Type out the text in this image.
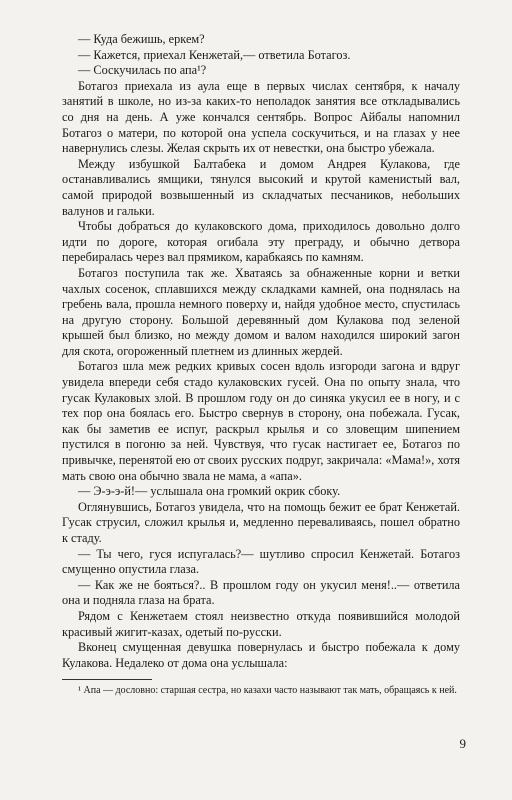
— Куда бежишь, еркем?

— Кажется, приехал Кенжетай,— ответила Ботагоз.

— Соскучилась по апа¹?

Ботагоз приехала из аула еще в первых числах сентября, к началу занятий в школе, но из-за каких-то неполадок занятия все откладывались со дня на день. А уже кончался сентябрь. Вопрос Айбалы напомнил Ботагоз о матери, по которой она успела соскучиться, и на глазах у нее навернулись слезы. Желая скрыть их от невестки, она быстро убежала.

Между избушкой Балтабека и домом Андрея Кулакова, где останавливались ямщики, тянулся высокий и крутой каменистый вал, самой природой возвышенный из складчатых песчаников, небольших валунов и гальки.

Чтобы добраться до кулаковского дома, приходилось довольно долго идти по дороге, которая огибала эту преграду, и обычно детвора перебиралась через вал прямиком, карабкаясь по камням.

Ботагоз поступила так же. Хватаясь за обнаженные корни и ветки чахлых сосенок, сплавшихся между складками камней, она поднялась на гребень вала, прошла немного поверху и, найдя удобное место, спустилась на другую сторону. Большой деревянный дом Кулакова под зеленой крышей был близко, но между домом и валом находился широкий загон для скота, огороженный плетнем из длинных жердей.

Ботагоз шла меж редких кривых сосен вдоль изгороди загона и вдруг увидела впереди себя стадо кулаковских гусей. Она по опыту знала, что гусак Кулаковых злой. В прошлом году он до синяка укусил ее в ногу, и с тех пор она боялась его. Быстро свернув в сторону, она побежала. Гусак, как бы заметив ее испуг, раскрыл крылья и со зловещим шипением пустился в погоню за ней. Чувствуя, что гусак настигает ее, Ботагоз по привычке, перенятой ею от своих русских подруг, закричала: «Мама!», хотя мать свою она обычно звала не мама, а «апа».

— Э-э-э-й!— услышала она громкий окрик сбоку.

Оглянувшись, Ботагоз увидела, что на помощь бежит ее брат Кенжетай. Гусак струсил, сложил крылья и, медленно переваливаясь, пошел обратно к стаду.

— Ты чего, гуся испугалась?— шутливо спросил Кенжетай. Ботагоз смущенно опустила глаза.

— Как же не бояться?.. В прошлом году он укусил меня!..— ответила она и подняла глаза на брата.

Рядом с Кенжетаем стоял неизвестно откуда появившийся молодой красивый жигит-казах, одетый по-русски.

Вконец смущенная девушка повернулась и быстро побежала к дому Кулакова. Недалеко от дома она услышала:

¹ Апа — дословно: старшая сестра, но казахи часто называют так мать, обращаясь к ней.

9
